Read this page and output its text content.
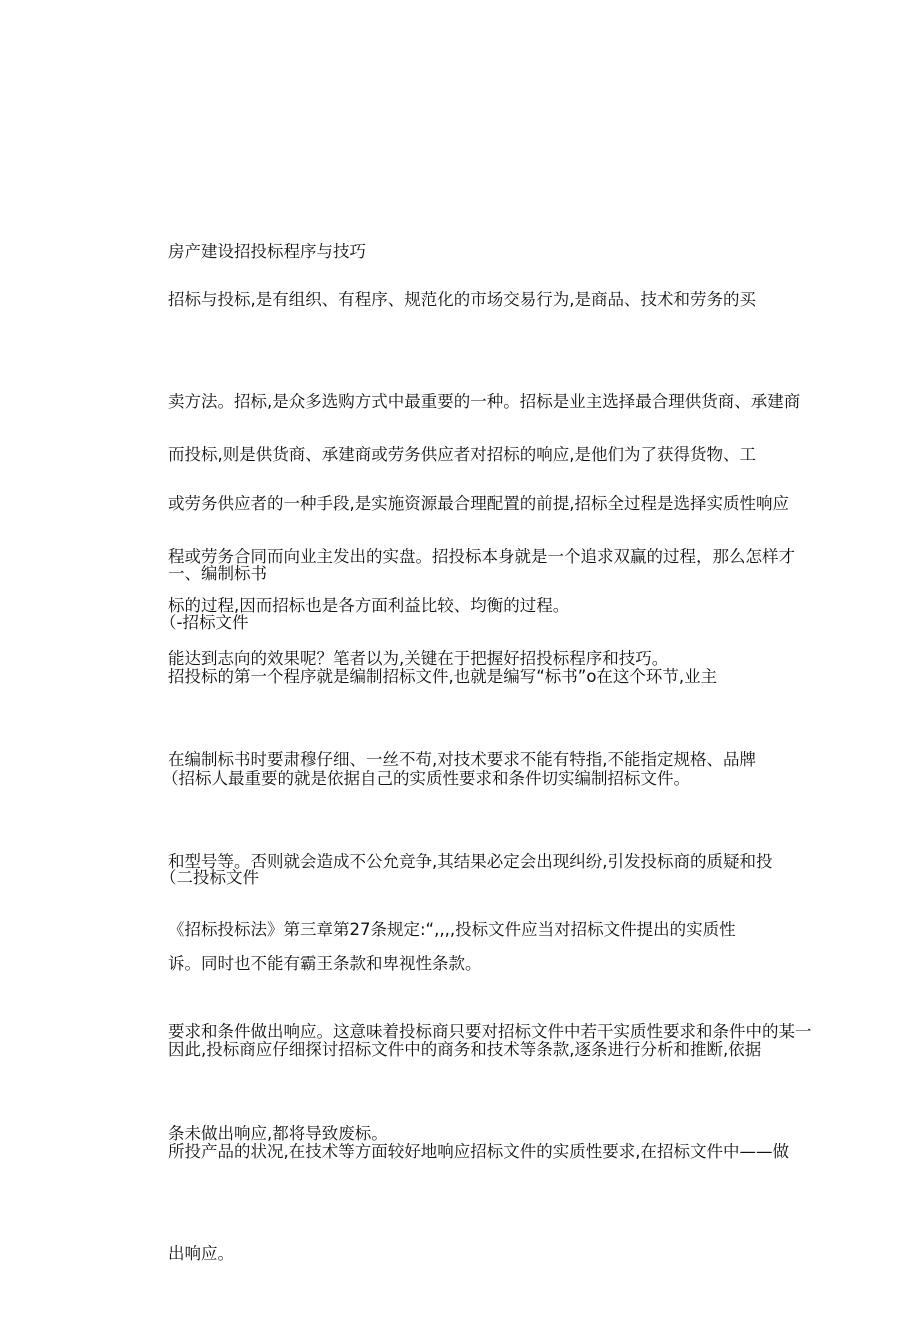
房产建设招投标程序与技巧

招标与投标,是有组织、有程序、规范化的市场交易行为,是商品、技术和劳务的买

卖方法。招标,是众多选购方式中最重要的一种。招标是业主选择最合理供货商、承建商

或劳务供应者的一种手段,是实施资源最合理配置的前提,招标全过程是选择实质性响应

标的过程,因而招标也是各方面利益比较、均衡的过程。

而投标,则是供货商、承建商或劳务供应者对招标的响应,是他们为了获得货物、工

程或劳务合同而向业主发出的实盘。招投标本身就是一个追求双赢的过程，那么怎样才

能达到志向的效果呢？笔者以为,关键在于把握好招投标程序和技巧。

一、编制标书

（-招标文件

招投标的第一个程序就是编制招标文件,也就是编写“标书”o在这个环节,业主

（招标人最重要的就是依据自己的实质性要求和条件切实编制招标文件。

在编制标书时要肃穆仔细、一丝不苟,对技术要求不能有特指,不能指定规格、品牌

和型号等。否则就会造成不公允竞争,其结果必定会出现纠纷,引发投标商的质疑和投

诉。同时也不能有霸王条款和卑视性条款。

（二投标文件

《招标投标法》第三章第27条规定:“,,,,投标文件应当对招标文件提出的实质性

要求和条件做出响应。这意味着投标商只要对招标文件中若干实质性要求和条件中的某一

条未做出响应,都将导致废标。

因此,投标商应仔细探讨招标文件中的商务和技术等条款,逐条进行分析和推断,依据

所投产品的状况,在技术等方面较好地响应招标文件的实质性要求,在招标文件中——做

出响应。
